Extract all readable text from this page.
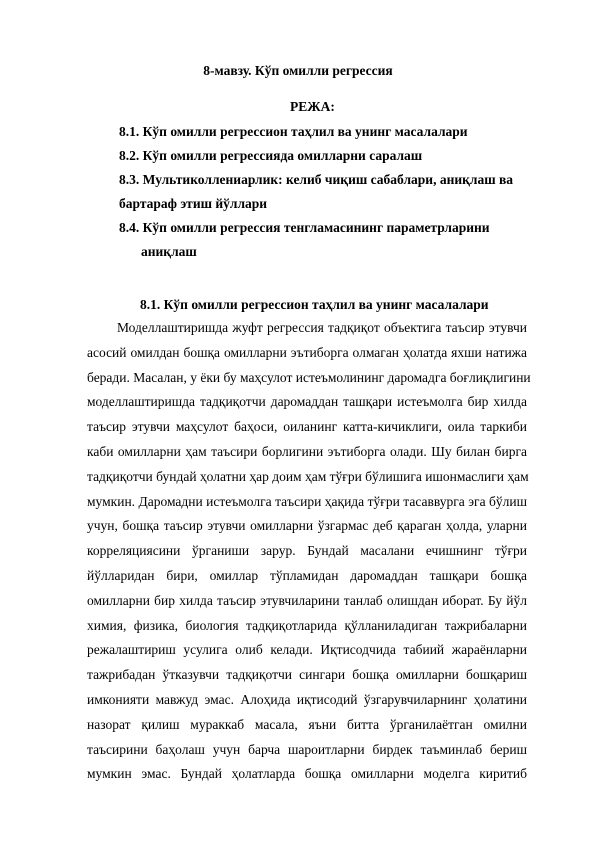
8-мавзу. Кўп омилли регрессия
РЕЖА:
8.1. Кўп омилли регрессион таҳлил ва унинг масалалари
8.2. Кўп омилли регрессияда омилларни саралаш
8.3. Мультиколлениарлик: келиб чиқиш сабаблари, аниқлаш ва
бартараф этиш йўллари
8.4. Кўп омилли регрессия тенгламасининг параметрларини
аниқлаш
8.1. Кўп омилли регрессион таҳлил ва унинг масалалари
Моделлаштиришда жуфт регрессия тадқиқот объектига таъсир этувчи
асосий омилдан бошқа омилларни эътиборга олмаган ҳолатда яхши натижа
беради. Масалан, у ёки бу маҳсулот истеъмолининг даромадга боғлиқлигини
моделлаштиришда тадқиқотчи даромаддан ташқари истеъмолга бир хилда
таъсир этувчи маҳсулот баҳоси, оиланинг катта-кичиклиги, оила таркиби
каби омилларни ҳам таъсири борлигини эътиборга олади. Шу билан бирга
тадқиқотчи бундай ҳолатни ҳар доим ҳам тўғри бўлишига ишонмаслиги ҳам
мумкин. Даромадни истеъмолга таъсири ҳақида тўғри тасаввурга эга бўлиш
учун, бошқа таъсир этувчи омилларни ўзгармас деб қараган ҳолда, уларни
корреляциясини ўрганиши зарур. Бундай масалани ечишнинг тўғри
йўлларидан бири, омиллар тўпламидан даромаддан ташқари бошқа
омилларни бир хилда таъсир этувчиларини танлаб олишдан иборат. Бу йўл
химия, физика, биология тадқиқотларида қўлланиладиган тажрибаларни
режалаштириш усулига олиб келади. Иқтисодчида табиий жараёнларни
тажрибадан ўтказувчи тадқиқотчи сингари бошқа омилларни бошқариш
имконияти мавжуд эмас. Алоҳида иқтисодий ўзгарувчиларнинг ҳолатини
назорат қилиш мураккаб масала, яъни битта ўрганилаётган омилни
таъсирини баҳолаш учун барча шароитларни бирдек таъминлаб бериш
мумкин эмас. Бундай ҳолатларда бошқа омилларни моделга киритиб
